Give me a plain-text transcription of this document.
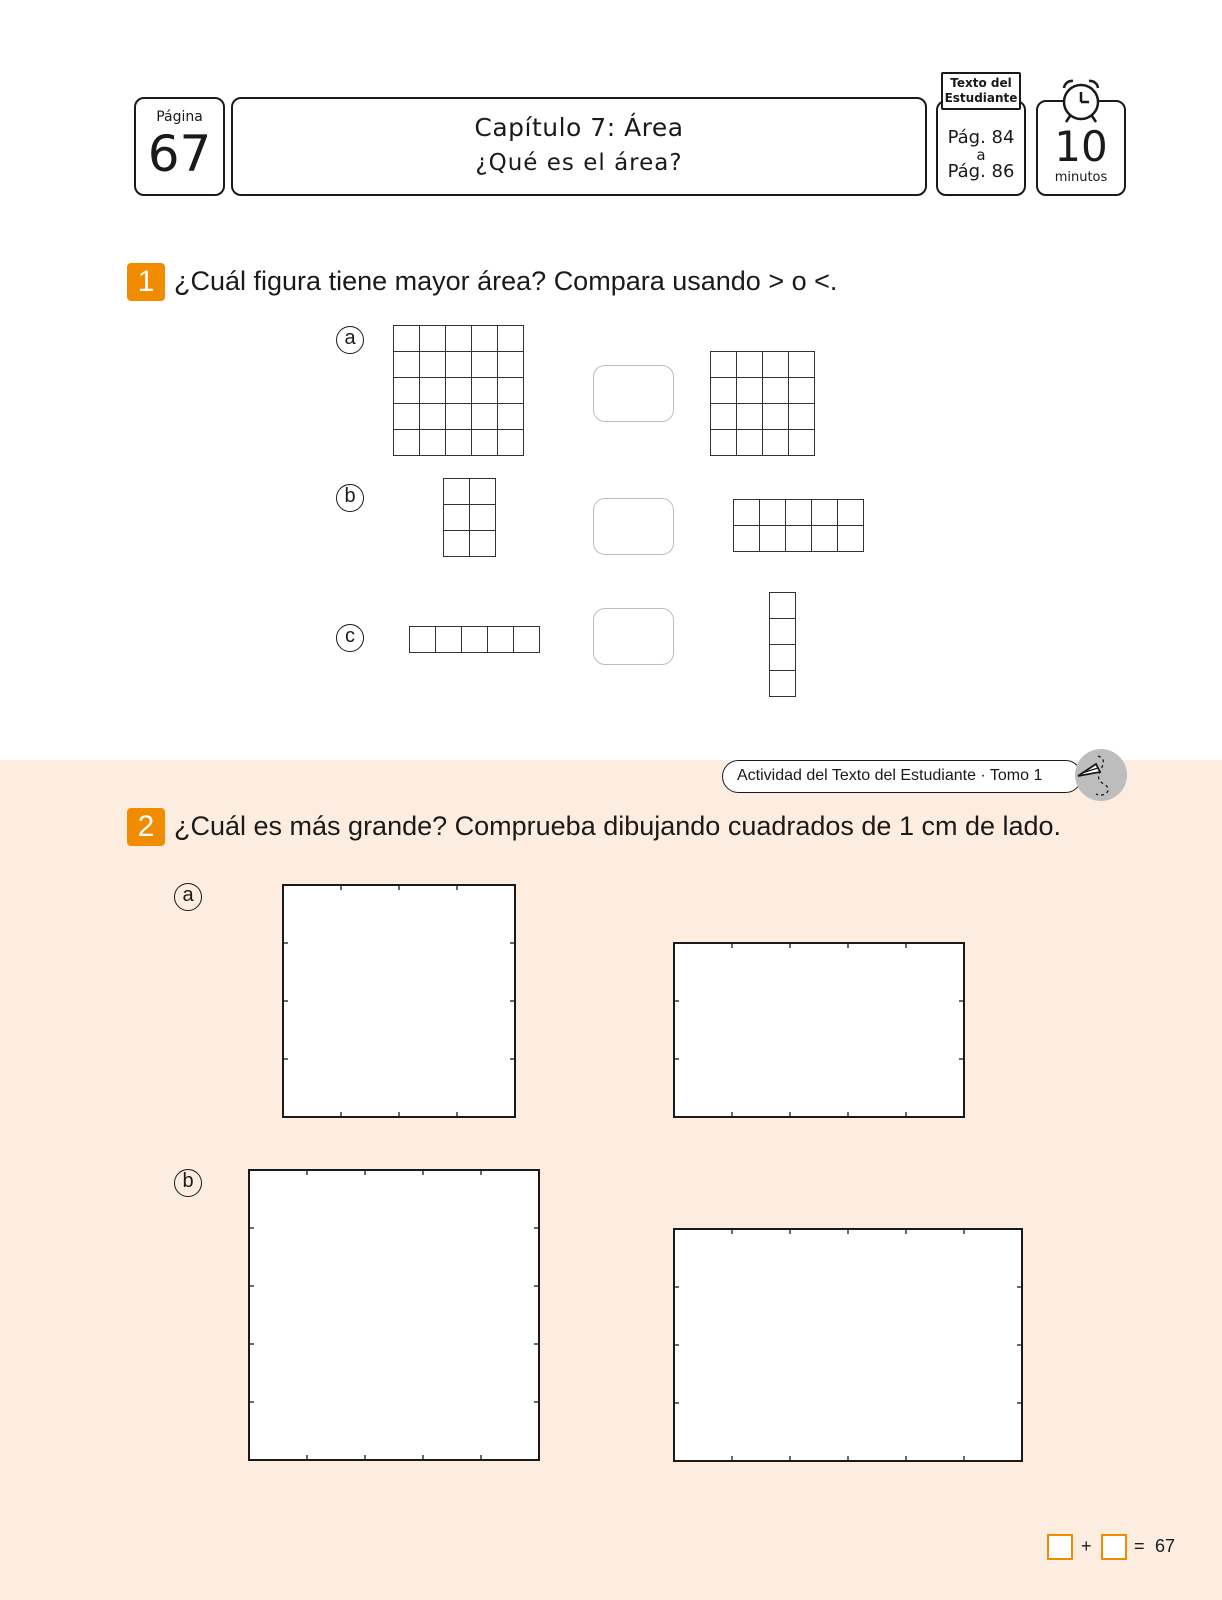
Página
67	Capítulo 7: Área
¿Qué es el área?
Pág. 84
a
Pág. 86
Texto del
Estudiante
10
minutos
1 ¿Cuál figura tiene mayor área? Compara usando > o <.
a
b
c
Actividad del Texto del Estudiante · Tomo 1
2 ¿Cuál es más grande? Comprueba dibujando cuadrados de 1 cm de lado.
a
b
+ = 67
